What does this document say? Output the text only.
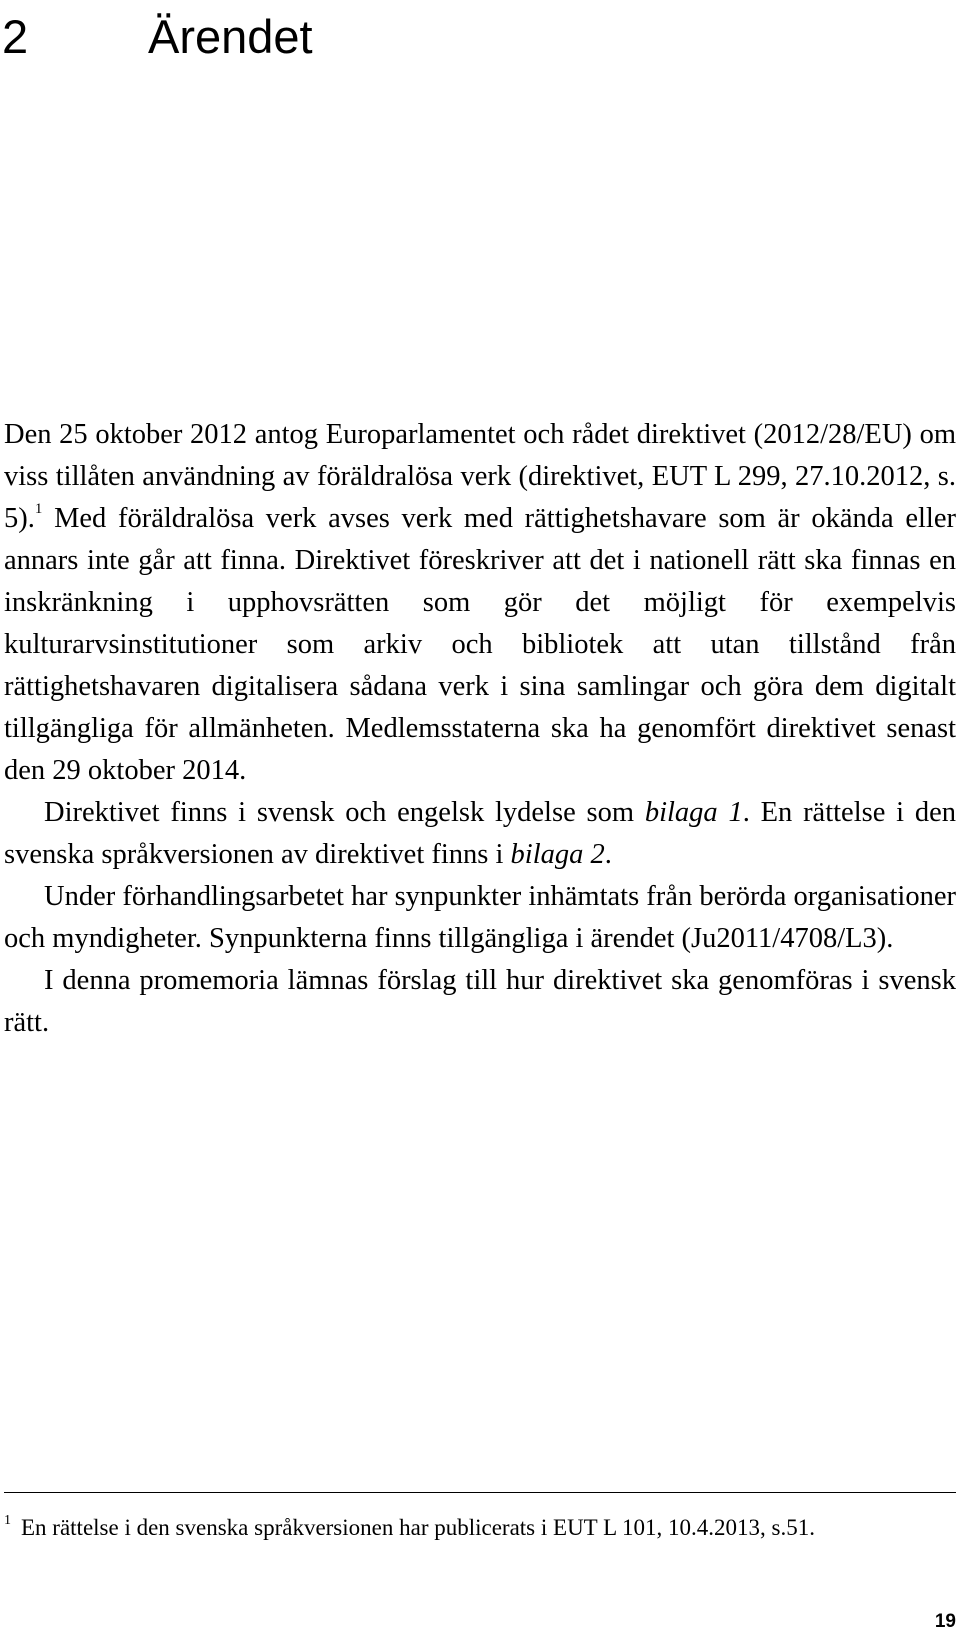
2	Ärendet

Den 25 oktober 2012 antog Europarlamentet och rådet direktivet (2012/28/EU) om viss tillåten användning av föräldralösa verk (direktivet, EUT L 299, 27.10.2012, s. 5).$^1$ Med föräldralösa verk avses verk med rättighetshavare som är okända eller annars inte går att finna. Direktivet föreskriver att det i nationell rätt ska finnas en inskränkning i upphovsrätten som gör det möjligt för exempelvis kulturarvsinstitutioner som arkiv och bibliotek att utan tillstånd från rättighetshavaren digitalisera sådana verk i sina samlingar och göra dem digitalt tillgängliga för allmänheten. Medlemsstaterna ska ha genomfört direktivet senast den 29 oktober 2014.

Direktivet finns i svensk och engelsk lydelse som bilaga 1. En rättelse i den svenska språkversionen av direktivet finns i bilaga 2.

Under förhandlingsarbetet har synpunkter inhämtats från berörda organisationer och myndigheter. Synpunkterna finns tillgängliga i ärendet (Ju2011/4708/L3).

I denna promemoria lämnas förslag till hur direktivet ska genomföras i svensk rätt.

$^1$ En rättelse i den svenska språkversionen har publicerats i EUT L 101, 10.4.2013, s.51.
19
